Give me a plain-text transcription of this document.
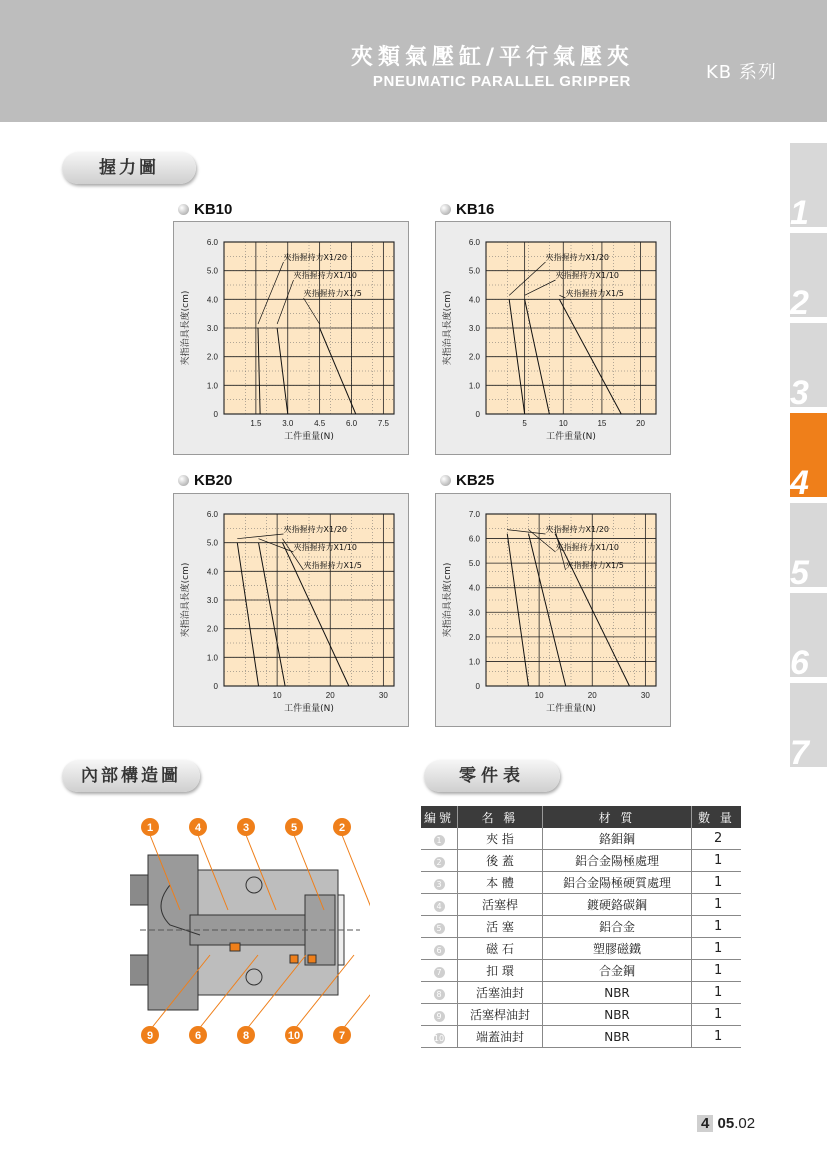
夾類氣壓缸/平行氣壓夾
PNEUMATIC PARALLEL GRIPPER	KB 系列
1
2
3
4
5
6
7
握力圖
KB10	KB16
KB20	KB25
0
1.0
2.0
3.0
4.0
5.0
6.0
1.5	3.0	4.5	6.0	7.5
工件重量(N)
夾指治具長度(cm)
夾指握持力X1/20
夾指握持力X1/10
夾指握持力X1/5
0
1.0
2.0
3.0
4.0
5.0
6.0
5	10	15	20
工件重量(N)
夾指治具長度(cm)
夾指握持力X1/20
夾指握持力X1/10
夾指握持力X1/5
0
1.0
2.0
3.0
4.0
5.0
6.0
10	20	30
工件重量(N)
夾指治具長度(cm)
夾指握持力X1/20
夾指握持力X1/10
夾指握持力X1/5
0
1.0
2.0
3.0
4.0
5.0
6.0
7.0
10	20	30
工件重量(N)
夾指治具長度(cm)
夾指握持力X1/20
夾指握持力X1/10
夾指握持力X1/5
內部構造圖	零件表
1	4	3	5	2
9	6	8	10	7
編號	名 稱	材 質	數 量
1	夾 指	鉻鉬鋼	2
2	後 蓋	鋁合金陽極處理	1
3	本 體	鋁合金陽極硬質處理	1
4	活塞桿	鍍硬鉻碳鋼	1
5	活 塞	鋁合金	1
6	磁 石	塑膠磁鐵	1
7	扣 環	合金鋼	1
8	活塞油封	NBR	1
9	活塞桿油封	NBR	1
10	端蓋油封	NBR	1
4 05.02
